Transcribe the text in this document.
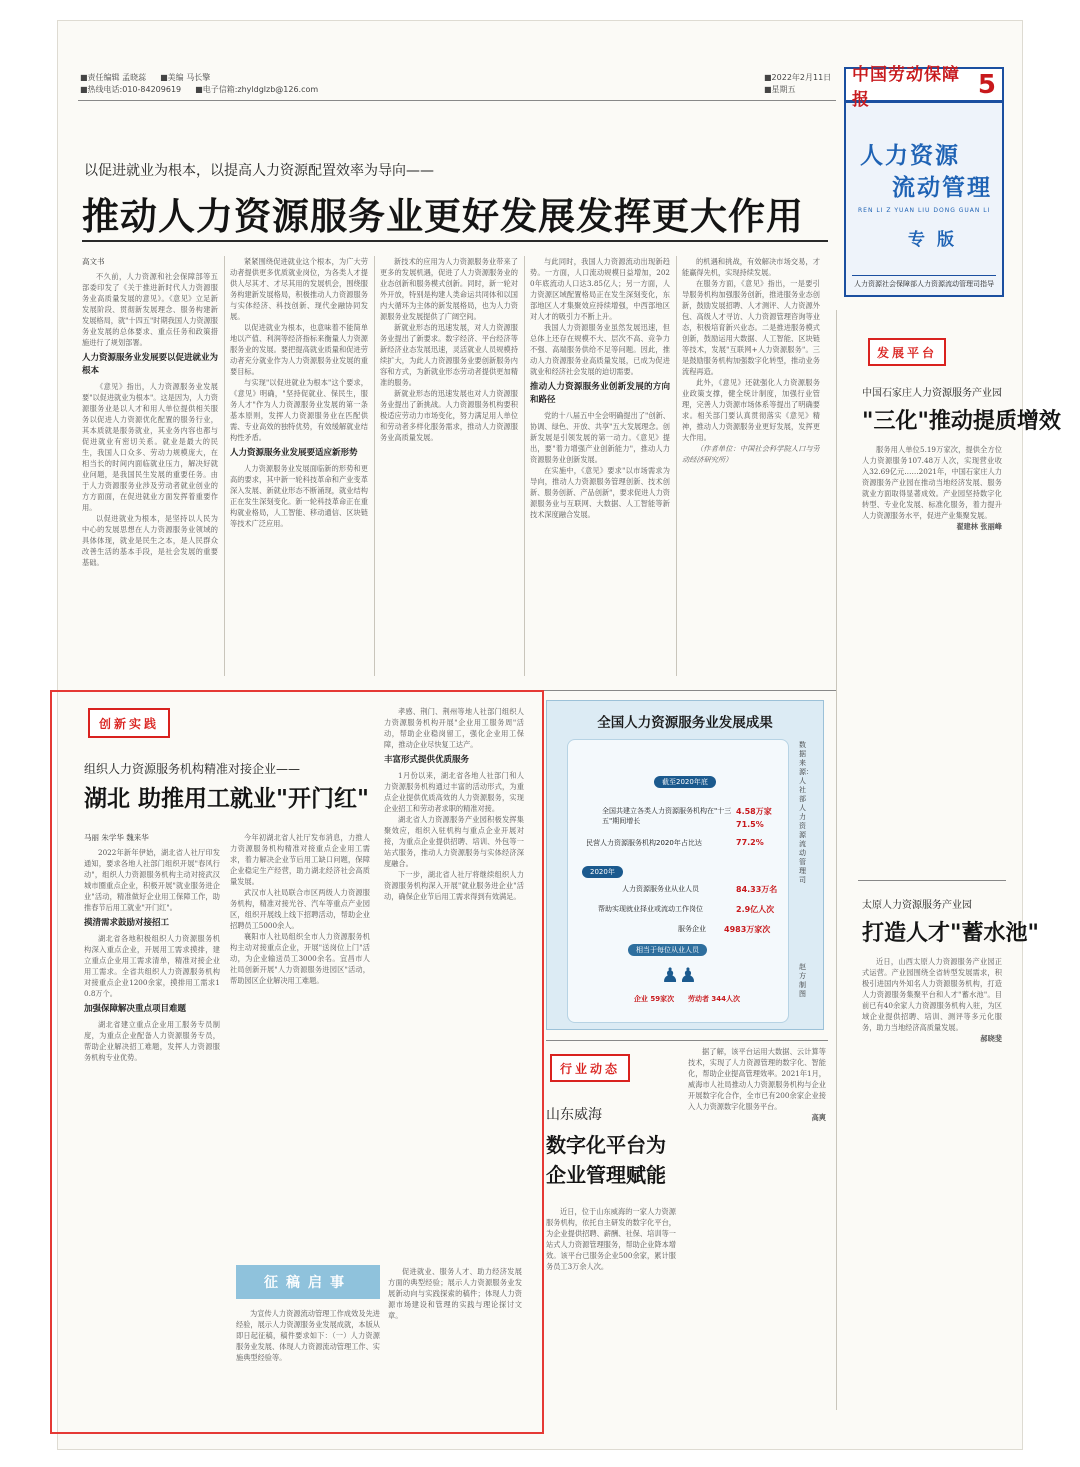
■责任编辑 孟晓蕊 ■美编 马长擎
■热线电话:010-84209619 ■电子信箱:zhyldglzb@126.com
■2022年2月11日
■星期五
中国劳动保障报	5
人力资源
流动管理
REN LI Z YUAN LIU DONG GUAN LI
专版
人力资源社会保障部人力资源流动管理司指导
以促进就业为根本，以提高人力资源配置效率为导向——
推动人力资源服务业更好发展发挥更大作用
高文书

不久前，人力资源和社会保障部等五部委印发了《关于推进新时代人力资源服务业高质量发展的意见》。《意见》立足新发展阶段、贯彻新发展理念、服务构建新发展格局，就"十四五"时期我国人力资源服务业发展的总体要求、重点任务和政策措施进行了规划部署。

人力资源服务业发展要以促进就业为根本

《意见》指出，人力资源服务业发展要"以促进就业为根本"。这是因为，人力资源服务业是以人才和用人单位提供相关服务以促进人力资源优化配置的服务行业，其本质就是服务就业，其业务内容也都与促进就业有密切关系。就业是最大的民生，我国人口众多、劳动力规模庞大，在相当长的时间内面临就业压力，解决好就业问题，是我国民生发展的重要任务。由于人力资源服务业涉及劳动者就业创业的方方面面，在促进就业方面发挥着重要作用。

以促进就业为根本，是坚持以人民为中心的发展思想在人力资源服务业领域的具体体现，就业是民生之本，是人民群众改善生活的基本手段，是社会发展的重要基础。

紧紧围绕促进就业这个根本，为广大劳动者提供更多优质就业岗位，为各类人才提供人尽其才、才尽其用的发展机会，围绕服务构建新发展格局，积极推动人力资源服务与实体经济、科技创新、现代金融协同发展。

以促进就业为根本，也意味着不能简单地以产值、利润等经济指标来衡量人力资源服务业的发展。要把提高就业质量和促进劳动者充分就业作为人力资源服务业发展的重要目标。

与实现"以促进就业为根本"这个要求，《意见》明确，"坚持促就业、保民生，服务人才"作为人力资源服务业发展的第一条基本原则，发挥人力资源服务业在匹配供需、专业高效的独特优势，有效缓解就业结构性矛盾。

人力资源服务业发展要适应新形势

人力资源服务业发展面临新的形势和更高的要求，其中新一轮科技革命和产业变革深入发展、新就业形态不断涌现，就业结构正在发生深刻变化。新一轮科技革命正在重构就业格局，人工智能、移动通信、区块链等技术广泛应用。

新技术的应用为人力资源服务业带来了更多的发展机遇，促进了人力资源服务业的业态创新和服务模式创新。同时，新一轮对外开放，特别是构建人类命运共同体和以国内大循环为主体的新发展格局，也为人力资源服务业发展提供了广阔空间。

新就业形态的迅速发展，对人力资源服务业提出了新要求。数字经济、平台经济等新经济业态发展迅速，灵活就业人员规模持续扩大，为此人力资源服务业要创新服务内容和方式，为新就业形态劳动者提供更加精准的服务。

新就业形态的迅速发展也对人力资源服务业提出了新挑战。人力资源服务机构要积极适应劳动力市场变化，努力满足用人单位和劳动者多样化服务需求，推动人力资源服务业高质量发展。

与此同时，我国人力资源流动出现新趋势。一方面，人口流动规模日益增加，2020年底流动人口达3.85亿人；另一方面，人力资源区域配置格局正在发生深刻变化，东部地区人才集聚效应持续增强，中西部地区对人才的吸引力不断上升。

我国人力资源服务业虽然发展迅速，但总体上还存在规模不大、层次不高、竞争力不强、高端服务供给不足等问题。因此，推动人力资源服务业高质量发展，已成为促进就业和经济社会发展的迫切需要。

推动人力资源服务业创新发展的方向和路径

党的十八届五中全会明确提出了"创新、协调、绿色、开放、共享"五大发展理念。创新发展是引领发展的第一动力。《意见》提出，要"着力增强产业创新能力"，推动人力资源服务业创新发展。

在实施中，《意见》要求"以市场需求为导向，推动人力资源服务管理创新、技术创新、服务创新、产品创新"，要求促进人力资源服务业与互联网、大数据、人工智能等新技术深度融合发展。

的机遇和挑战，有效解决市场交易，才能赢得先机，实现持续发展。

在服务方面，《意见》指出，一是要引导服务机构加强服务创新，推进服务业态创新，鼓励发展招聘、人才测评、人力资源外包、高级人才寻访、人力资源管理咨询等业态，积极培育新兴业态。二是推进服务模式创新，鼓励运用大数据、人工智能、区块链等技术，发展"互联网+人力资源服务"。三是鼓励服务机构加强数字化转型，推动业务流程再造。

此外，《意见》还就强化人力资源服务业政策支撑，健全统计制度，加强行业管理，完善人力资源市场体系等提出了明确要求。相关部门要认真贯彻落实《意见》精神，推动人力资源服务业更好发展，发挥更大作用。

（作者单位：中国社会科学院人口与劳动经济研究所）

发展平台
中国石家庄人力资源服务产业园
"三化"推动提质增效

服务用人单位5.19万家次，提供全方位人力资源服务107.48万人次，实现营业收入32.69亿元……2021年，中国石家庄人力资源服务产业园在推动当地经济发展、服务就业方面取得显著成效。产业园坚持数字化转型、专业化发展、标准化服务，着力提升人力资源服务水平，促进产业集聚发展。

翟建林 张丽峰

太原人力资源服务产业园
打造人才"蓄水池"

近日，山西太原人力资源服务产业园正式运营。产业园围绕全省转型发展需求，积极引进国内外知名人力资源服务机构，打造人力资源服务集聚平台和人才"蓄水池"。目前已有40余家人力资源服务机构入驻，为区域企业提供招聘、培训、测评等多元化服务，助力当地经济高质量发展。

郝晓斐

创新实践
组织人力资源服务机构精准对接企业——
湖北 助推用工就业"开门红"
马丽 朱学华 魏来华

2022年新年伊始，湖北省人社厅印发通知，要求各地人社部门组织开展"春风行动"，组织人力资源服务机构主动对接武汉城市圈重点企业，积极开展"就业服务进企业"活动，精准做好企业用工保障工作，助推春节后用工就业"开门红"。

摸清需求鼓励对接招工

湖北省各地积极组织人力资源服务机构深入重点企业，开展用工需求摸排，建立重点企业用工需求清单，精准对接企业用工需求。全省共组织人力资源服务机构对接重点企业1200余家，摸排用工需求10.8万个。

加强保障解决重点项目难题

湖北省建立重点企业用工服务专员制度，为重点企业配备人力资源服务专员，帮助企业解决招工难题，发挥人力资源服务机构专业优势。

今年初湖北省人社厅发布消息，力推人力资源服务机构精准对接重点企业用工需求，着力解决企业节后用工缺口问题，保障企业稳定生产经营，助力湖北经济社会高质量发展。

武汉市人社局联合市区两级人力资源服务机构，精准对接光谷、汽车等重点产业园区，组织开展线上线下招聘活动，帮助企业招聘员工5000余人。

襄阳市人社局组织全市人力资源服务机构主动对接重点企业，开展"送岗位上门"活动，为企业输送员工3000余名。宜昌市人社局创新开展"人力资源服务进园区"活动，帮助园区企业解决用工难题。

孝感、荆门、荆州等地人社部门组织人力资源服务机构开展"企业用工服务周"活动，帮助企业稳岗留工，强化企业用工保障，推动企业尽快复工达产。

丰富形式提供优质服务

1月份以来，湖北省各地人社部门和人力资源服务机构通过丰富的活动形式，为重点企业提供优质高效的人力资源服务，实现企业招工和劳动者求职的精准对接。

湖北省人力资源服务产业园积极发挥集聚效应，组织入驻机构与重点企业开展对接，为重点企业提供招聘、培训、外包等一站式服务，推动人力资源服务与实体经济深度融合。

下一步，湖北省人社厅将继续组织人力资源服务机构深入开展"就业服务进企业"活动，确保企业节后用工需求得到有效满足。

全国人力资源服务业发展成果
截至2020年底
全国共建立各类人力资源服务机构在"十三五"期间增长
4.58万家
71.5%
民营人力资源服务机构2020年占比达	77.2%
2020年
人力资源服务业从业人员	84.33万名
帮助实现就业择业或流动工作岗位	2.9亿人次
服务企业 4983万家次
相当于每位从业人员
♟♟
企业 59家次	劳动者 344人次
数据来源：人社部人力资源流动管理司
赵方 制图
行业动态
山东威海
数字化平台为企业管理赋能

近日，位于山东威海的一家人力资源服务机构，依托自主研发的数字化平台，为企业提供招聘、薪酬、社保、培训等一站式人力资源管理服务，帮助企业降本增效。该平台已服务企业500余家，累计服务员工3万余人次。

据了解，该平台运用大数据、云计算等技术，实现了人力资源管理的数字化、智能化，帮助企业提高管理效率。2021年1月，威海市人社局推动人力资源服务机构与企业开展数字化合作，全市已有200余家企业接入人力资源数字化服务平台。

高爽

征稿启事

为宣传人力资源流动管理工作成效及先进经验，展示人力资源服务业发展成就，本版从即日起征稿，稿件要求如下：（一）人力资源服务业发展、体现人力资源流动管理工作、实施典型经验等。

促进就业、服务人才、助力经济发展方面的典型经验；展示人力资源服务业发展新动向与实践探索的稿件；体现人力资源市场建设和管理的实践与理论探讨文章。
